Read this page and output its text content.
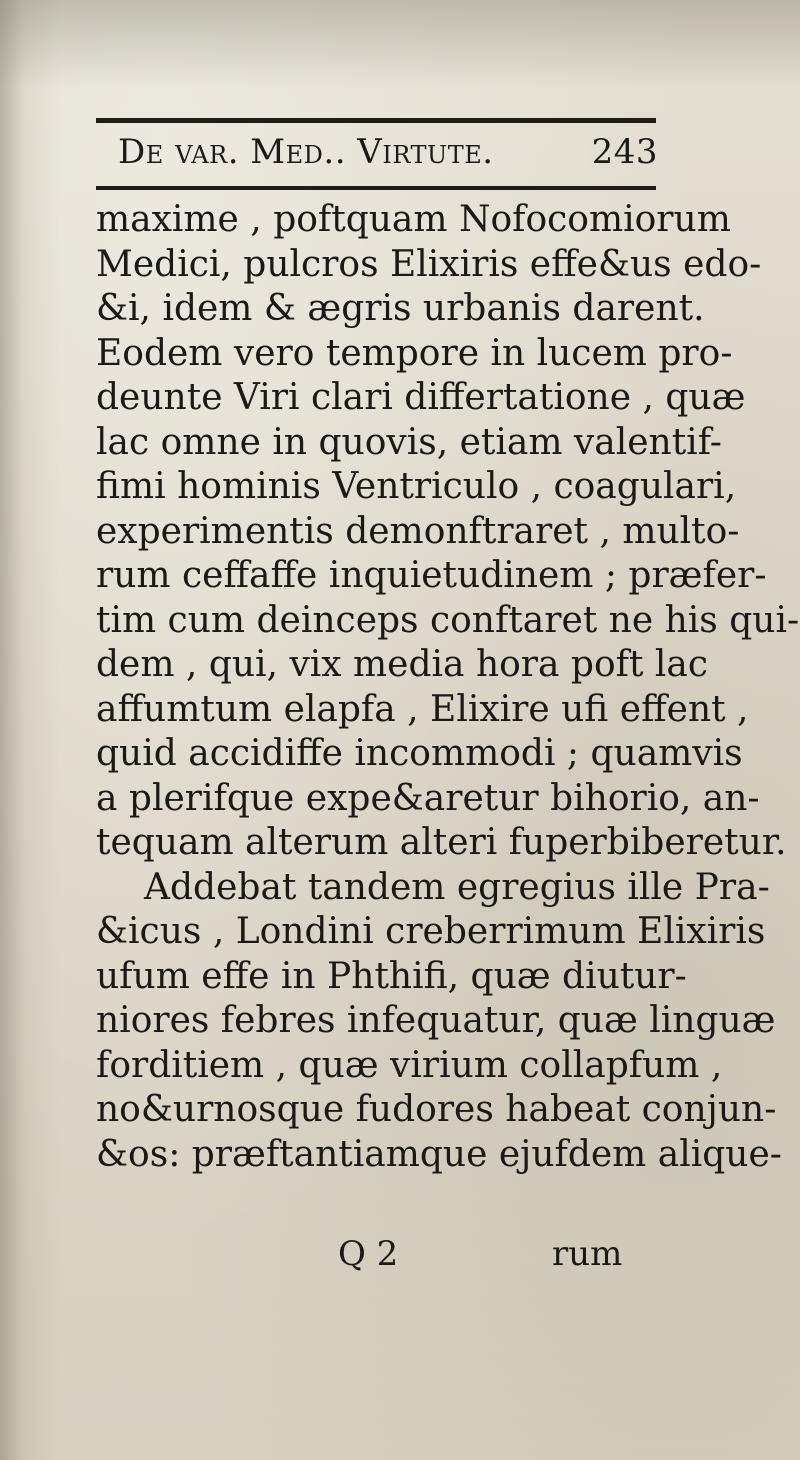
De var. Med.. Virtute.	243
maxime , poftquam Nofocomiorum
Medici, pulcros Elixiris effe&us edo-
&i, idem & ægris urbanis darent.
Eodem vero tempore in lucem pro-
deunte Viri clari differtatione , quæ
lac omne in quovis, etiam valentif-
fimi hominis Ventriculo , coagulari,
experimentis demonftraret , multo-
rum ceffaffe inquietudinem ; præfer-
tim cum deinceps conftaret ne his qui-
dem , qui, vix media hora poft lac
affumtum elapfa , Elixire ufi effent ,
quid accidiffe incommodi ; quamvis
a plerifque expe&aretur bihorio, an-
tequam alterum alteri fuperbiberetur.
Addebat tandem egregius ille Pra-
&icus , Londini creberrimum Elixiris
ufum effe in Phthifi, quæ diutur-
niores febres infequatur, quæ linguæ
forditiem , quæ virium collapfum ,
no&urnosque fudores habeat conjun-
&os: præftantiamque ejufdem alique-
Q 2	rum
